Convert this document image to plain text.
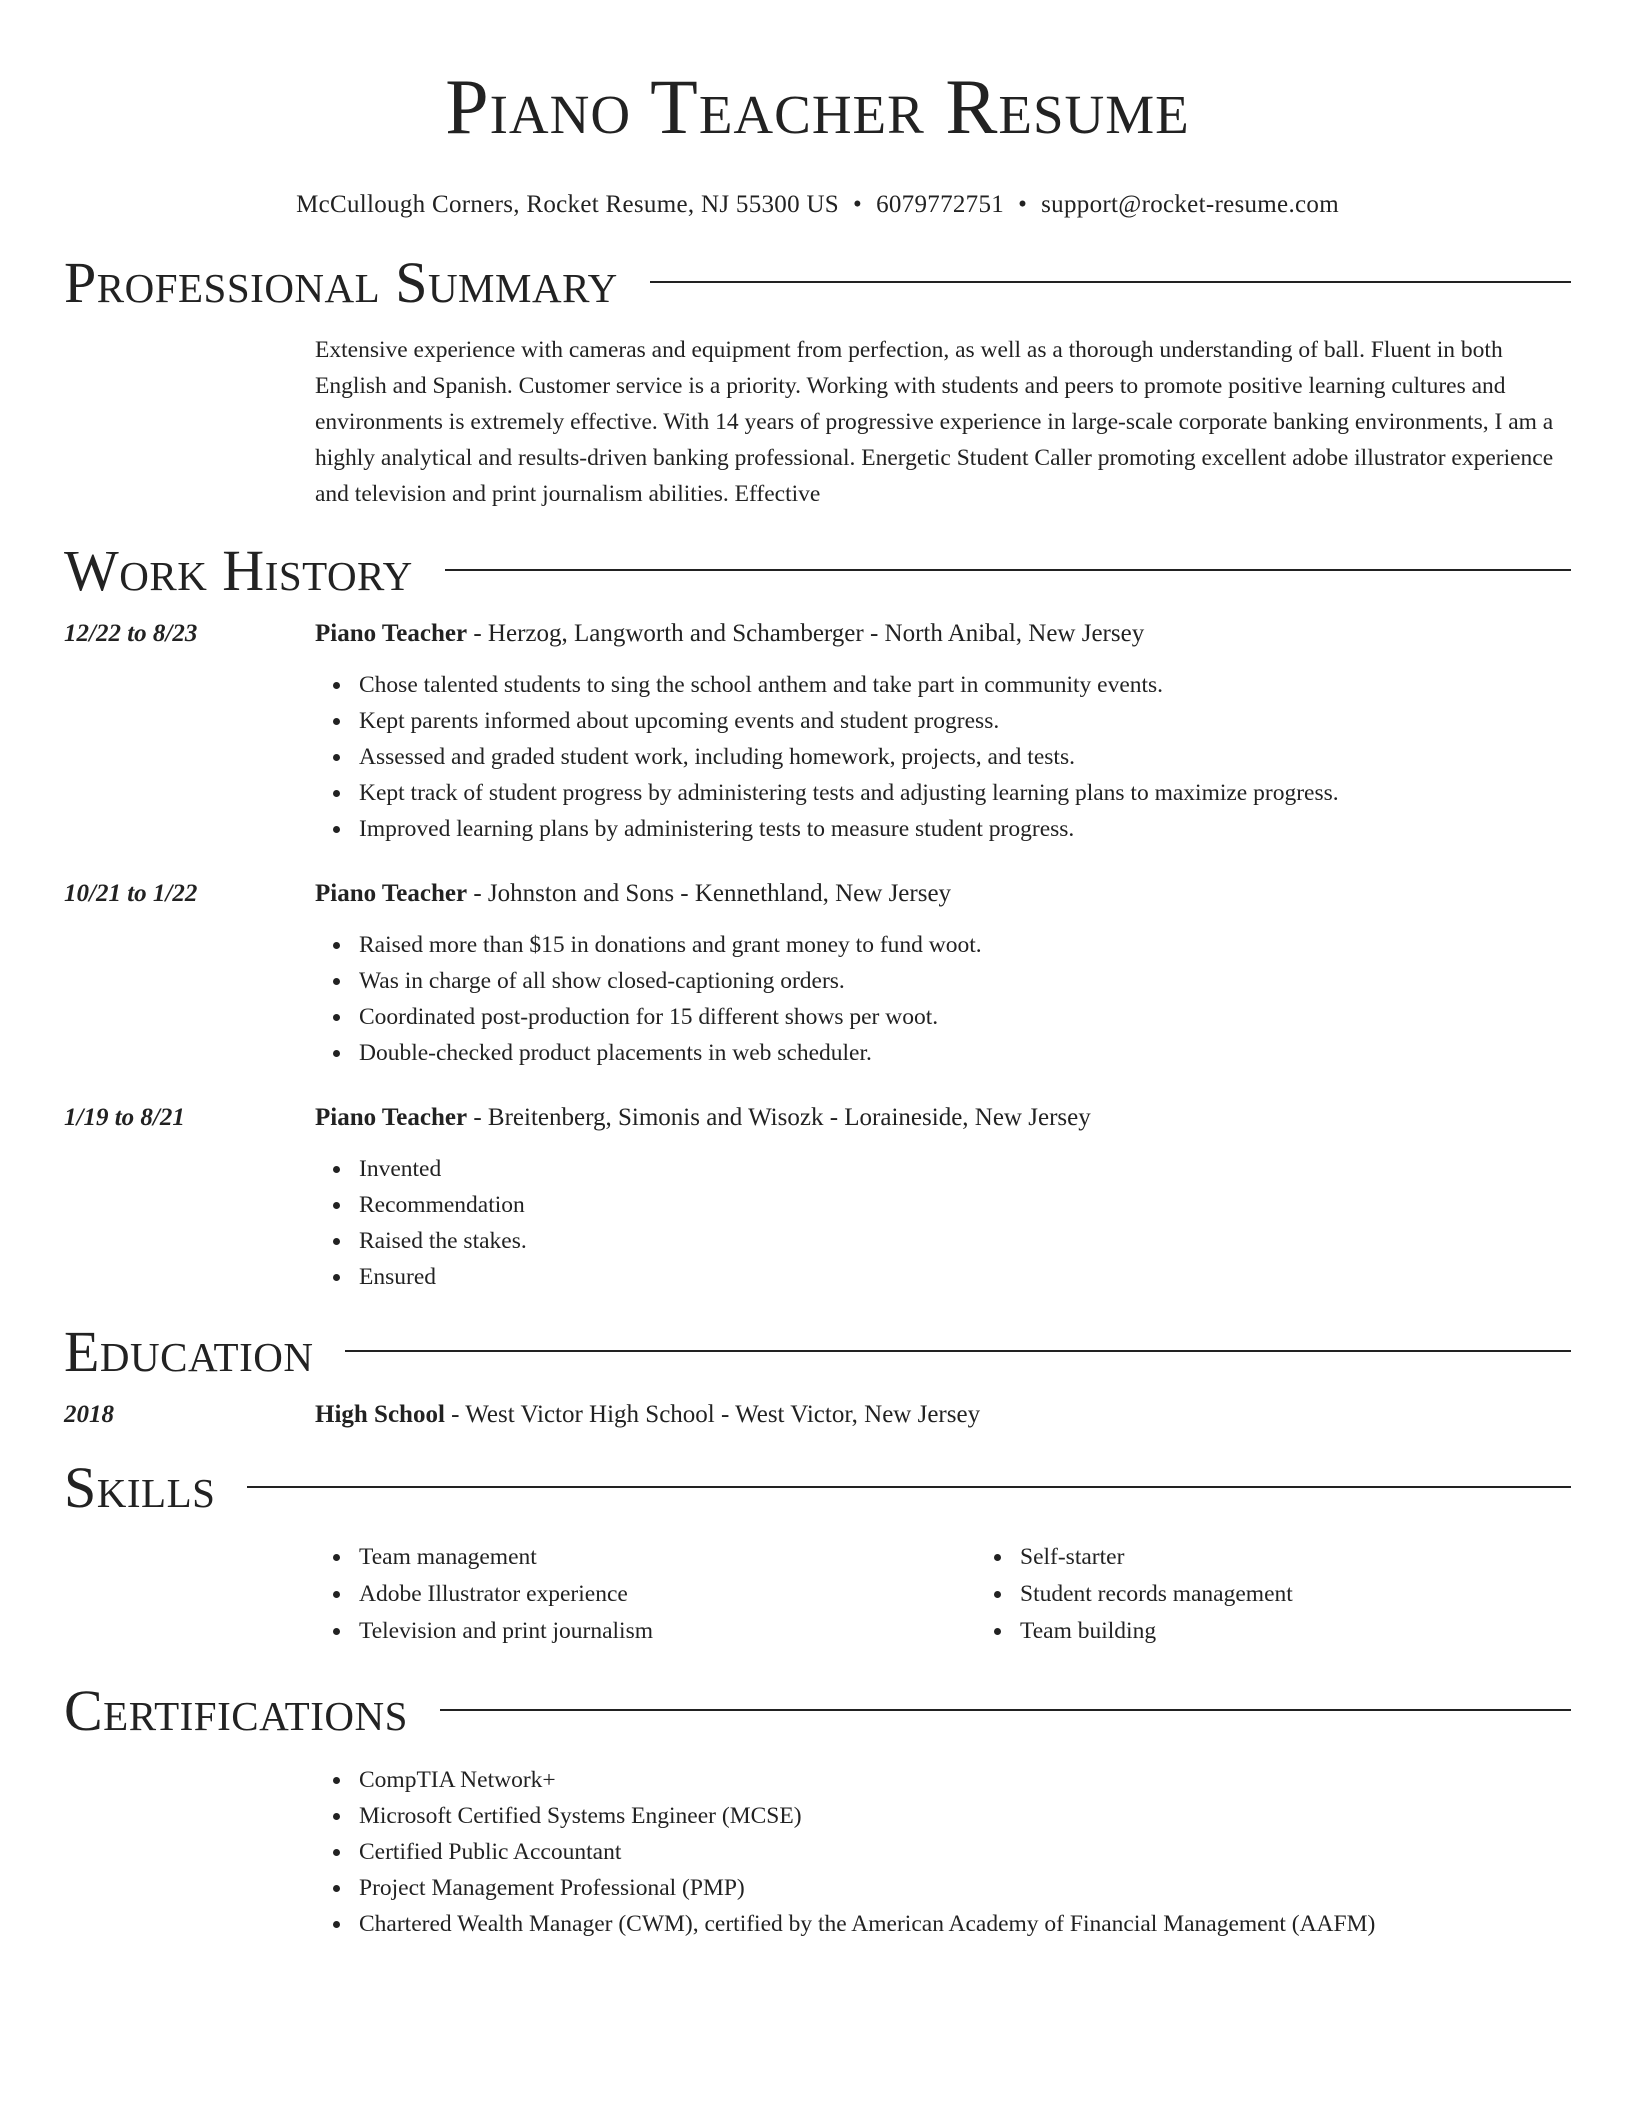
Piano Teacher Resume
McCullough Corners, Rocket Resume, NJ 55300 US • 6079772751 • support@rocket-resume.com
Professional Summary
Extensive experience with cameras and equipment from perfection, as well as a thorough understanding of ball. Fluent in both English and Spanish. Customer service is a priority. Working with students and peers to promote positive learning cultures and environments is extremely effective. With 14 years of progressive experience in large-scale corporate banking environments, I am a highly analytical and results-driven banking professional. Energetic Student Caller promoting excellent adobe illustrator experience and television and print journalism abilities. Effective
Work History
12/22 to 8/23	Piano Teacher - Herzog, Langworth and Schamberger - North Anibal, New Jersey
Chose talented students to sing the school anthem and take part in community events.
Kept parents informed about upcoming events and student progress.
Assessed and graded student work, including homework, projects, and tests.
Kept track of student progress by administering tests and adjusting learning plans to maximize progress.
Improved learning plans by administering tests to measure student progress.
10/21 to 1/22	Piano Teacher - Johnston and Sons - Kennethland, New Jersey
Raised more than $15 in donations and grant money to fund woot.
Was in charge of all show closed-captioning orders.
Coordinated post-production for 15 different shows per woot.
Double-checked product placements in web scheduler.
1/19 to 8/21	Piano Teacher - Breitenberg, Simonis and Wisozk - Loraineside, New Jersey
Invented
Recommendation
Raised the stakes.
Ensured
Education
2018	High School - West Victor High School - West Victor, New Jersey
Skills
Team management
Adobe Illustrator experience
Television and print journalism
Self-starter
Student records management
Team building
Certifications
CompTIA Network+
Microsoft Certified Systems Engineer (MCSE)
Certified Public Accountant
Project Management Professional (PMP)
Chartered Wealth Manager (CWM), certified by the American Academy of Financial Management (AAFM)
